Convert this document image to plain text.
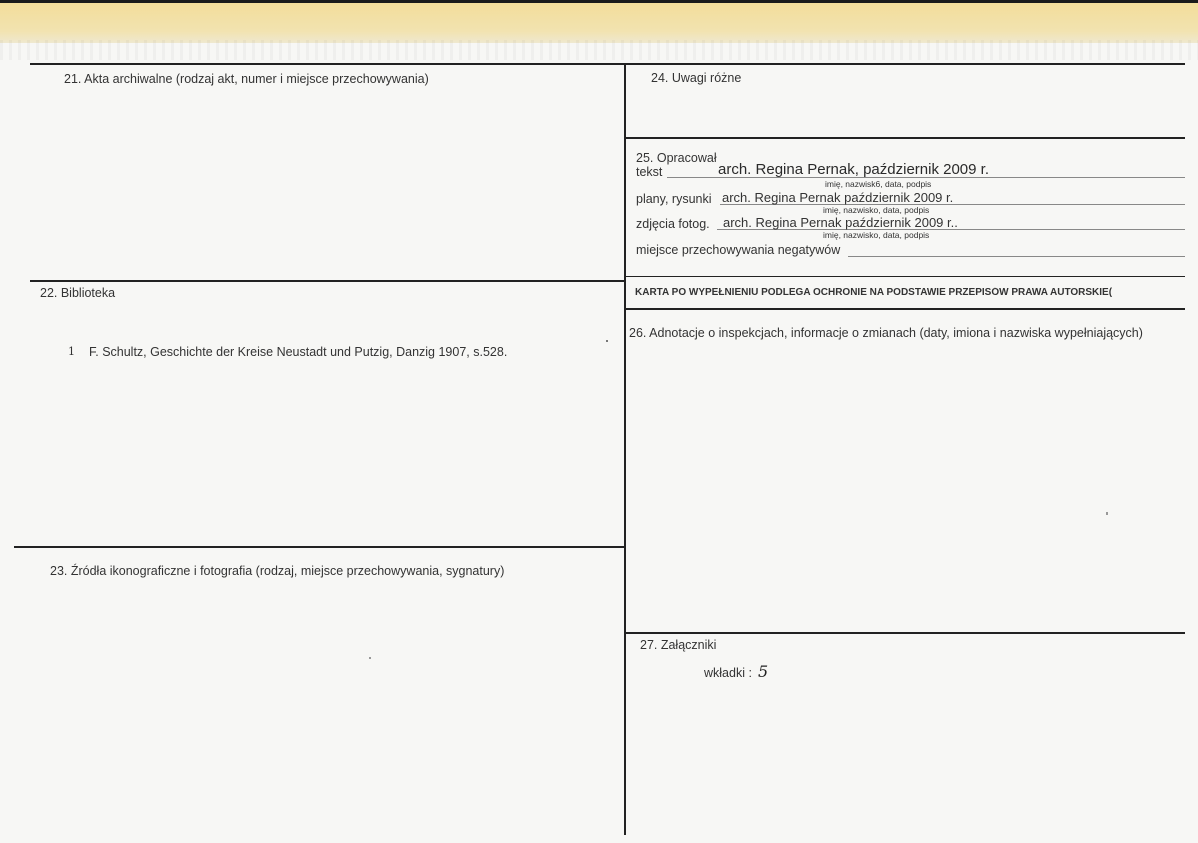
21. Akta archiwalne (rodzaj akt, numer i miejsce przechowywania)
22. Biblioteka
1 F. Schultz, Geschichte der Kreise Neustadt und Putzig, Danzig 1907, s.528.
23. Źródła ikonograficzne i fotografia (rodzaj, miejsce przechowywania, sygnatury)
24. Uwagi różne
25. Opracował
tekst	arch. Regina Pernak, październik 2009 r.
imię, nazwisk6, data, podpis
plany, rysunki arch. Regina Pernak październik 2009 r.
imię, nazwisko, data, podpis
zdjęcia fotog. arch. Regina Pernak październik 2009 r..
imię, nazwisko, data, podpis
miejsce przechowywania negatywów
KARTA PO WYPEŁNIENIU PODLEGA OCHRONIE NA PODSTAWIE PRZEPISÓW PRAWA AUTORSKIE(
26. Adnotacje o inspekcjach, informacje o zmianach (daty, imiona i nazwiska wypełniających)
27. Załączniki
wkładki : 5
